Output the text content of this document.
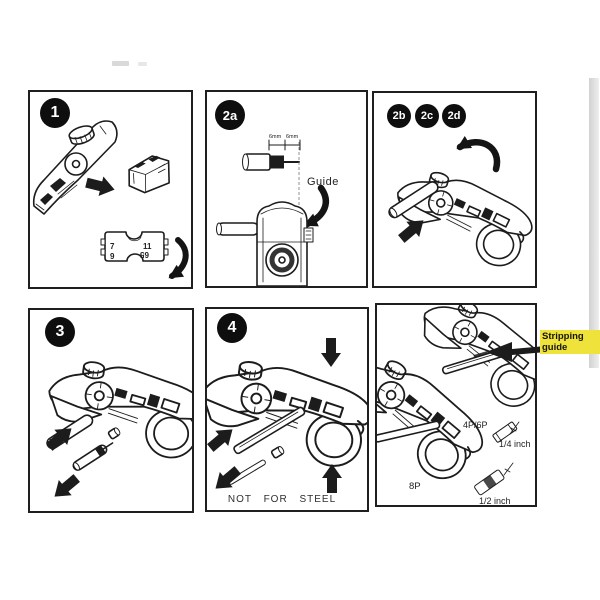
1
7	11
9	65
2a
6mm 6mm
Guide
2b	2c	2d
3	4
NOT FOR STEEL
4P/6P
1/4 inch
8P
1/2 inch
Stripping guide
